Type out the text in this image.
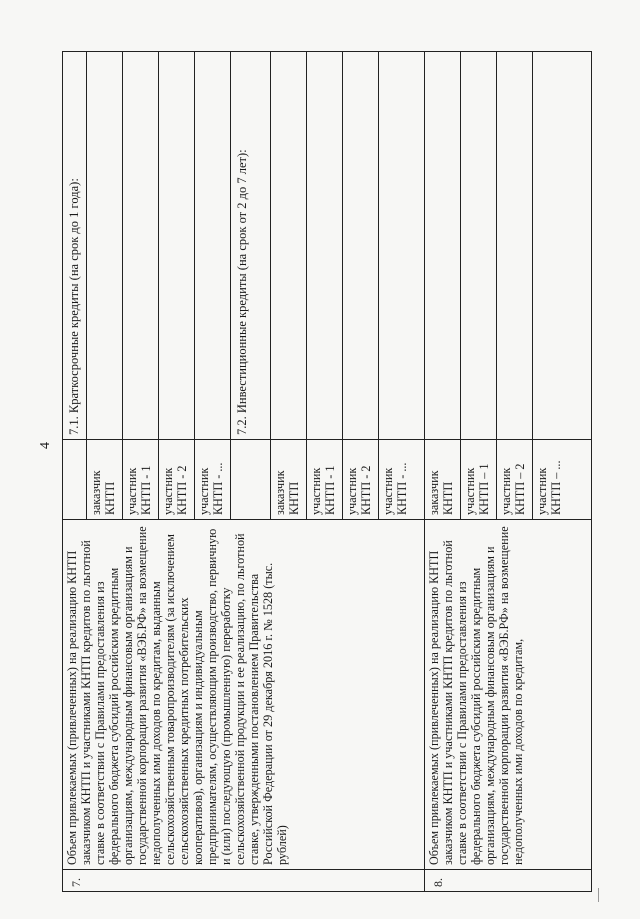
4
7.	Объем привлекаемых (привлеченных) на реализацию КНТП заказчиком КНТП и участниками КНТП кредитов по льготной ставке в соответствии с Правилами предоставления из федерального бюджета субсидий российским кредитным организациям, международным финансовым организациям и государственной корпорации развития «ВЭБ.РФ» на возмещение недополученных ими доходов по кредитам, выданным сельскохозяйственным товаропроизводителям (за исключением сельскохозяйственных кредитных потребительских кооперативов), организациям и индивидуальным предпринимателям, осуществляющим производство, первичную и (или) последующую (промышленную) переработку сельскохозяйственной продукции и ее реализацию, по льготной ставке, утвержденными постановлением Правительства Российской Федерации от 29 декабря 2016 г. № 1528 (тыс. рублей)		7.1. Краткосрочные кредиты (на срок до 1 года):
		заказчик КНТП	
		участник КНТП - 1	
		участник КНТП - 2	
		участник КНТП - ...	
			7.2. Инвестиционные кредиты (на срок от 2 до 7 лет):
		заказчик КНТП	
		участник КНТП - 1	
		участник КНТП - 2	
		участник КНТП - ...	
8.	Объем привлекаемых (привлеченных) на реализацию КНТП заказчиком КНТП и участниками КНТП кредитов по льготной ставке в соответствии с Правилами предоставления из федерального бюджета субсидий российским кредитным организациям, международным финансовым организациям и государственной корпорации развития «ВЭБ.РФ» на возмещение недополученных ими доходов по кредитам,	заказчик КНТП	
		участник КНТП – 1	
		участник КНТП – 2	
		участник КНТП – ...	
